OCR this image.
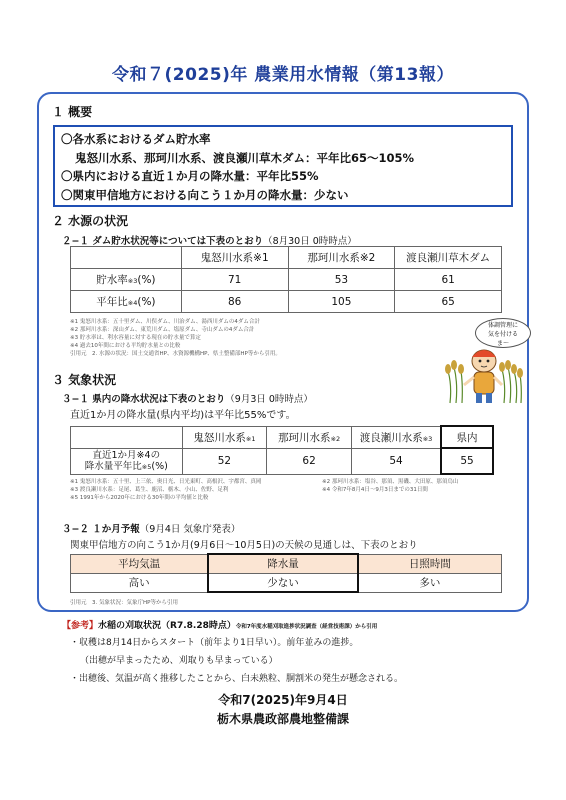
令和７(2025)年 農業用水情報（第13報）
１ 概要
〇各水系におけるダム貯水率
鬼怒川水系、那珂川水系、渡良瀬川草木ダム：平年比65～105%
〇県内における直近１か月の降水量：平年比55%
〇関東甲信地方における向こう１か月の降水量：少ない
２ 水源の状況
２−１ ダム貯水状況等については下表のとおり（8月30日 0時時点）
	鬼怒川水系※1	那珂川水系※2	渡良瀬川草木ダム
貯水率※3(%)	71	53	61
平年比※4(%)	86	105	65
※1 鬼怒川水系：五十里ダム、川俣ダム、川治ダム、湯西川ダムの4ダム合計
※2 那珂川水系：深山ダム、東荒川ダム、塩原ダム、寺山ダムの4ダム合計
※3 貯水率は、利水容量に対する現在の貯水量で算定
※4 過去10年間における平均貯水量との比較
引用元　2. 水源の状況：国土交通省HP、水資源機構HP、県土整備部HP等から引用。
体調管理に
気を付ける
ま〜
３ 気象状況
３−１ 県内の降水状況は下表のとおり（9月3日 0時時点）
直近1か月の降水量(県内平均)は平年比55%です。
	鬼怒川水系※1	那珂川水系※2	渡良瀬川水系※3	県内

直近1か月※4の
降水量平年比※5(%)	52	62	54	55
※1 鬼怒川水系：五十里、上三依、奥日光、日光東町、高根沢、宇都宮、真岡
※3 渡良瀬川水系：足尾、葛生、鹿沼、栃木、小山、佐野、足利
※5 1991年から2020年における30年間の平均値と比較
※2 那珂川水系：塩谷、那須、黒磯、大田原、那須烏山
※4 令和7年8月4日～9月3日までの31日間
３−２ １か月予報（9月4日 気象庁発表）
関東甲信地方の向こう1か月(9月6日～10月5日)の天候の見通しは、下表のとおり
平均気温	降水量	日照時間
高い	少ない	多い
引用元　3. 気象状況：気象庁HP等から引用
【参考】水稲の刈取状況（R7.8.28時点）令和7年度水稲刈取進捗状況調査（経営技術課）から引用
・収穫は8月14日からスタート（前年より1日早い）。前年並みの進捗。
（出穂が早まったため、刈取りも早まっている）
・出穂後、気温が高く推移したことから、白未熟粒、胴割米の発生が懸念される。
令和7(2025)年9月4日
栃木県農政部農地整備課
